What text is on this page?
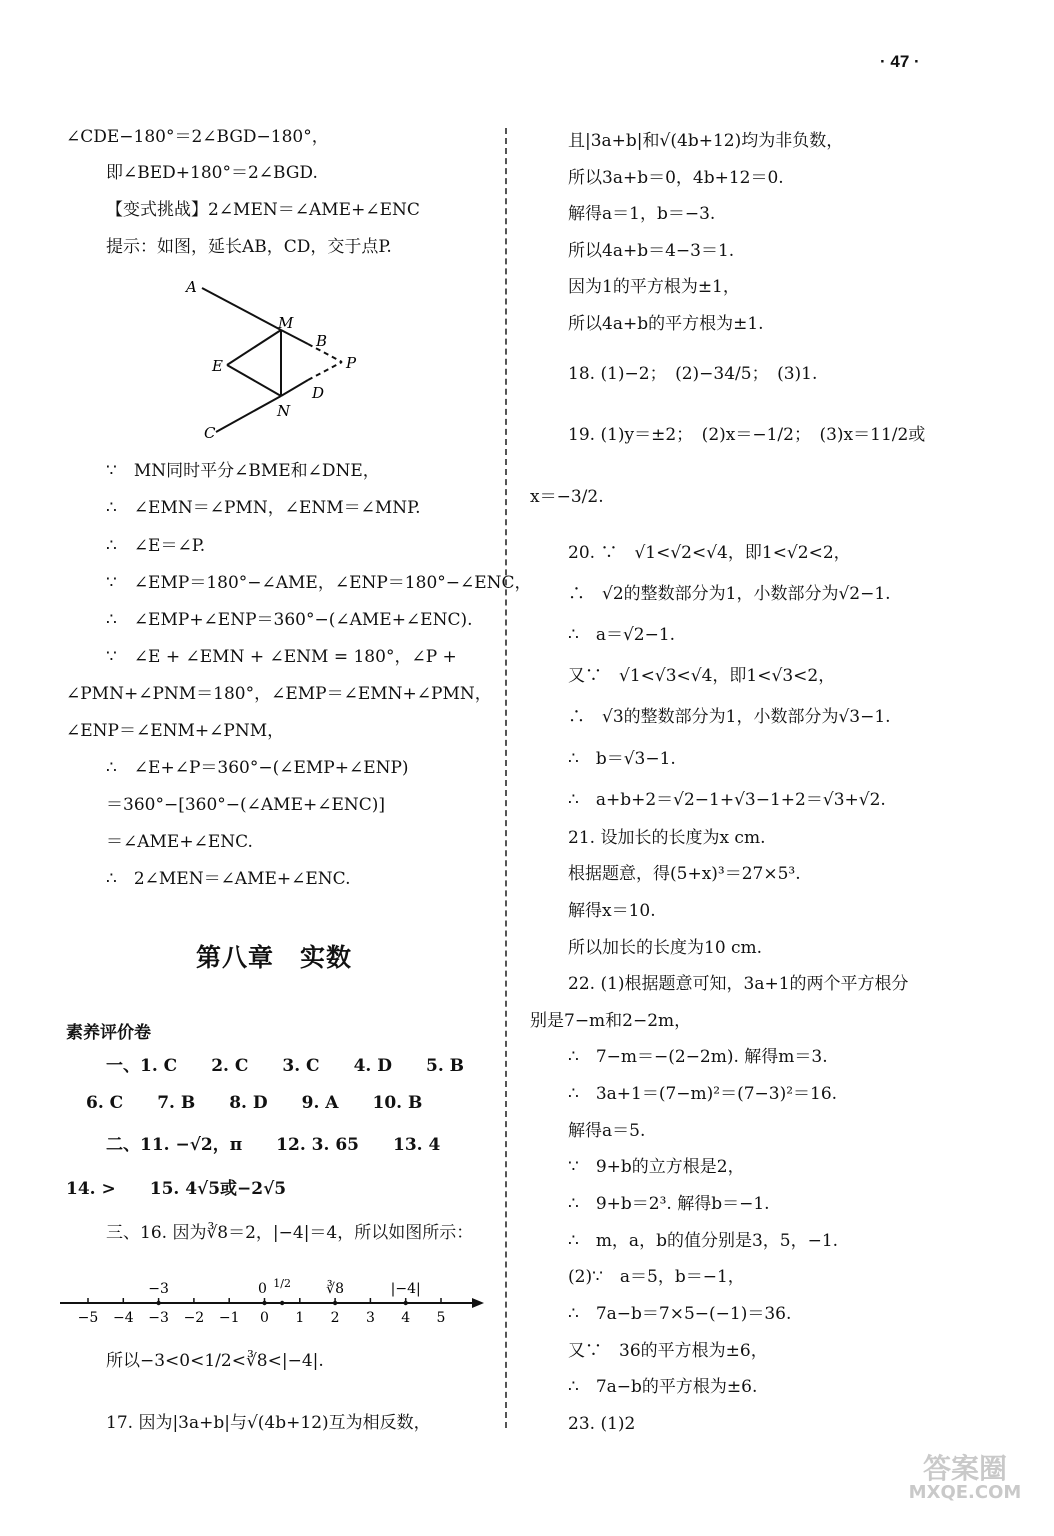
· 47 ·
∠CDE−180°＝2∠BGD−180°，
即∠BED+180°＝2∠BGD.
【变式挑战】2∠MEN＝∠AME+∠ENC
提示：如图，延长AB，CD，交于点P.
A
M
B
E	P
D
N
C
∵　MN同时平分∠BME和∠DNE，
∴　∠EMN＝∠PMN，∠ENM＝∠MNP.
∴　∠E＝∠P.
∵　∠EMP＝180°−∠AME，∠ENP＝180°−∠ENC，
∴　∠EMP+∠ENP＝360°−(∠AME+∠ENC).
∵　∠E + ∠EMN + ∠ENM = 180°，∠P +
∠PMN+∠PNM＝180°，∠EMP＝∠EMN+∠PMN，
∠ENP＝∠ENM+∠PNM，
∴　∠E+∠P＝360°−(∠EMP+∠ENP)
＝360°−[360°−(∠AME+∠ENC)]
＝∠AME+∠ENC.
∴　2∠MEN＝∠AME+∠ENC.
第八章　实数
素养评价卷
一、1. C　　2. C　　3. C　　4. D　　5. B
6. C　　7. B　　8. D　　9. A　　10. B
二、11. −√2，π　　12. 3. 65　　13. 4
14. >　　15. 4√5或−2√5
三、16. 因为∛8＝2，|−4|＝4，所以如图所示：
−5 −4 −3 −2 −1 0 1 2 3 4 5
−3	0 1/2	∛8	|−4|
所以−3<0<1/2<∛8<|−4|.
17. 因为|3a+b|与√(4b+12)互为相反数，
且|3a+b|和√(4b+12)均为非负数，
所以3a+b＝0，4b+12＝0.
解得a＝1，b＝−3.
所以4a+b＝4−3＝1.
因为1的平方根为±1，
所以4a+b的平方根为±1.
18. (1)−2；　(2)−34/5；　(3)1.
19. (1)y＝±2；　(2)x＝−1/2；　(3)x＝11/2或
x＝−3/2.
20. ∵　√1<√2<√4，即1<√2<2，
∴　√2的整数部分为1，小数部分为√2−1.
∴　a＝√2−1.
又∵　√1<√3<√4，即1<√3<2，
∴　√3的整数部分为1，小数部分为√3−1.
∴　b＝√3−1.
∴　a+b+2＝√2−1+√3−1+2＝√3+√2.
21. 设加长的长度为x cm.
根据题意，得(5+x)³＝27×5³.
解得x＝10.
所以加长的长度为10 cm.
22. (1)根据题意可知，3a+1的两个平方根分
别是7−m和2−2m，
∴　7−m＝−(2−2m). 解得m＝3.
∴　3a+1＝(7−m)²＝(7−3)²＝16.
解得a＝5.
∵　9+b的立方根是2，
∴　9+b＝2³. 解得b＝−1.
∴　m，a，b的值分别是3，5，−1.
(2)∵　a＝5，b＝−1，
∴　7a−b＝7×5−(−1)＝36.
又∵　36的平方根为±6，
∴　7a−b的平方根为±6.
23. (1)2
答案圈
MXQE.COM
